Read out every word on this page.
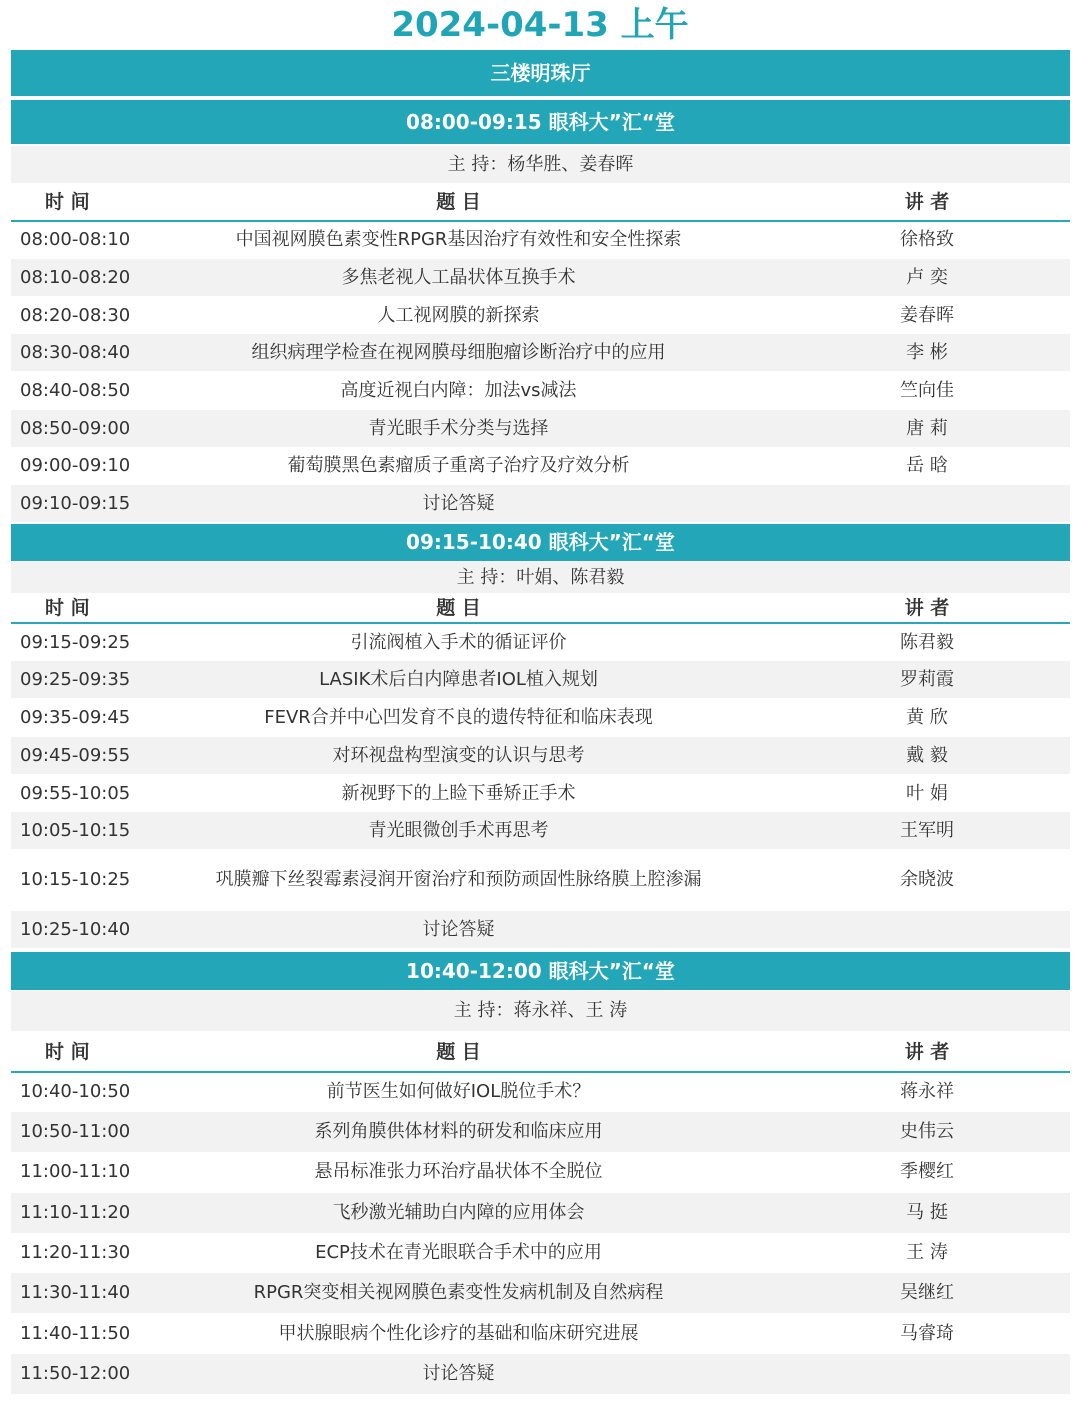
2024-04-13 上午
三楼明珠厅
08:00-09:15 眼科大”汇“堂
主 持：杨华胜、姜春晖
时 间	题 目	讲 者
08:00-08:10	中国视网膜色素变性RPGR基因治疗有效性和安全性探索	徐格致
08:10-08:20	多焦老视人工晶状体互换手术	卢 奕
08:20-08:30	人工视网膜的新探索	姜春晖
08:30-08:40	组织病理学检查在视网膜母细胞瘤诊断治疗中的应用	李 彬
08:40-08:50	高度近视白内障：加法vs减法	竺向佳
08:50-09:00	青光眼手术分类与选择	唐 莉
09:00-09:10	葡萄膜黑色素瘤质子重离子治疗及疗效分析	岳 晗
09:10-09:15	讨论答疑
09:15-10:40 眼科大”汇“堂
主 持：叶娟、陈君毅
时 间	题 目	讲 者
09:15-09:25	引流阀植入手术的循证评价	陈君毅
09:25-09:35	LASIK术后白内障患者IOL植入规划	罗莉霞
09:35-09:45	FEVR合并中心凹发育不良的遗传特征和临床表现	黄 欣
09:45-09:55	对环视盘构型演变的认识与思考	戴 毅
09:55-10:05	新视野下的上睑下垂矫正手术	叶 娟
10:05-10:15	青光眼微创手术再思考	王军明
10:15-10:25	巩膜瓣下丝裂霉素浸润开窗治疗和预防顽固性脉络膜上腔渗漏	余晓波
10:25-10:40	讨论答疑
10:40-12:00 眼科大”汇“堂
主 持：蒋永祥、王 涛
时 间	题 目	讲 者
10:40-10:50	前节医生如何做好IOL脱位手术？	蒋永祥
10:50-11:00	系列角膜供体材料的研发和临床应用	史伟云
11:00-11:10	悬吊标准张力环治疗晶状体不全脱位	季樱红
11:10-11:20	飞秒激光辅助白内障的应用体会	马 挺
11:20-11:30	ECP技术在青光眼联合手术中的应用	王 涛
11:30-11:40	RPGR突变相关视网膜色素变性发病机制及自然病程	吴继红
11:40-11:50	甲状腺眼病个性化诊疗的基础和临床研究进展	马睿琦
11:50-12:00	讨论答疑
